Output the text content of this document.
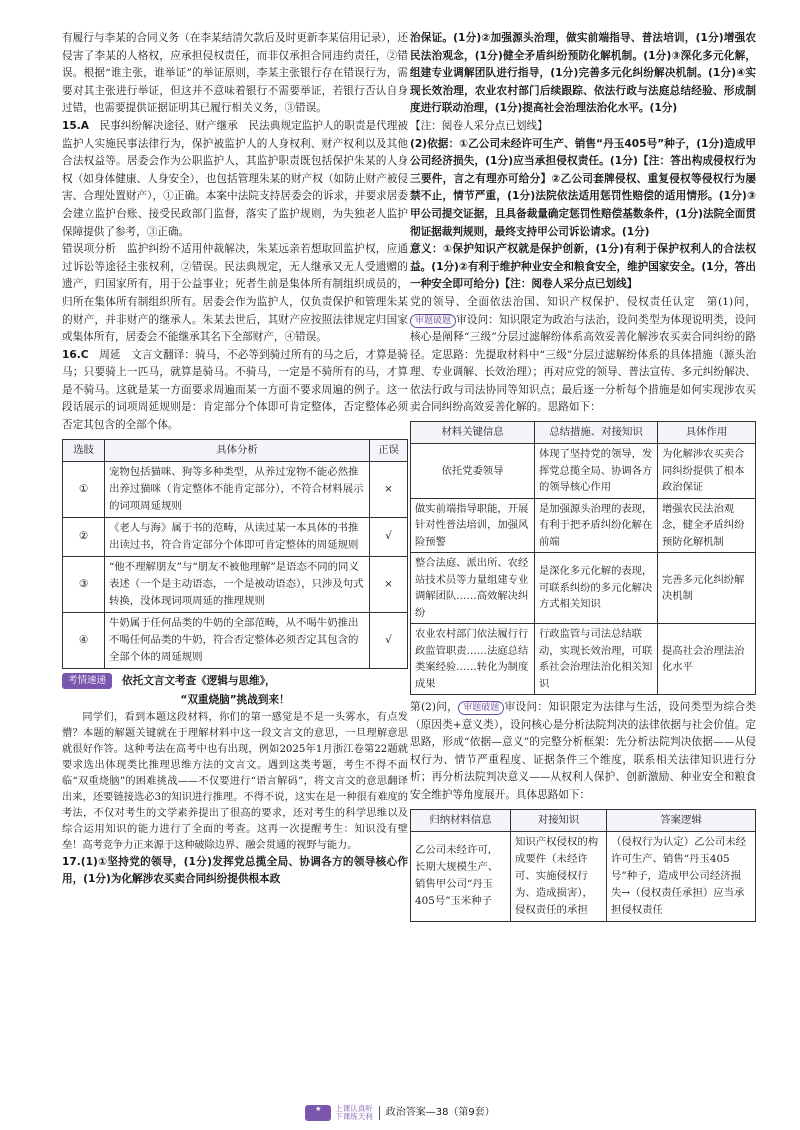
有履行与李某的合同义务（在李某结清欠款后及时更新李某信用记录），还侵害了李某的人格权，应承担侵权责任，而非仅承担合同违约责任，②错误。根据“谁主张，谁举证”的举证原则，李某主张银行存在错误行为，需要对其主张进行举证，但这并不意味着银行不需要举证，若银行否认自身过错，也需要提供证据证明其已履行相关义务，③错误。

15.A　 民事纠纷解决途径、财产继承　民法典规定监护人的职责是代理被监护人实施民事法律行为，保护被监护人的人身权利、财产权利以及其他合法权益等。居委会作为公职监护人，其监护职责既包括保护朱某的人身权（如身体健康、人身安全），也包括管理朱某的财产权（如防止财产被侵害、合理处置财产），①正确。本案中法院支持居委会的诉求，并要求居委会建立监护台账、接受民政部门监督，落实了监护规则，为失独老人监护保障提供了参考，③正确。

错误项分析　监护纠纷不适用仲裁解决，朱某远亲若想取回监护权，应通过诉讼等途径主张权利，②错误。民法典规定，无人继承又无人受遗赠的遗产，归国家所有，用于公益事业；死者生前是集体所有制组织成员的，归所在集体所有制组织所有。居委会作为监护人，仅负责保护和管理朱某的财产，并非财产的继承人。朱某去世后，其财产应按照法律规定归国家或集体所有，居委会不能继承其名下全部财产，④错误。

16.C　 周延　文言文翻译：骑马，不必等到骑过所有的马之后，才算是骑马；只要骑上一匹马，就算是骑马。不骑马，一定是不骑所有的马，才算是不骑马。这就是某一方面要求周遍而某一方面不要求周遍的例子。这一段话展示的词项周延规则是：肯定部分个体即可肯定整体，否定整体必须否定其包含的全部个体。

选肢	具体分析	正误
①	宠物包括猫咪、狗等多种类型，从养过宠物不能必然推出养过猫咪（肯定整体不能肯定部分），不符合材料展示的词项周延规则	×
②	《老人与海》属于书的范畴，从读过某一本具体的书推出读过书，符合肯定部分个体即可肯定整体的周延规则	√
③	“他不理解朋友”与“朋友不被他理解”是语态不同的同义表述（一个是主动语态，一个是被动语态），只涉及句式转换，没体现词项周延的推理规则	×
④	牛奶属于任何品类的牛奶的全部范畴，从不喝牛奶推出不喝任何品类的牛奶，符合否定整体必须否定其包含的全部个体的周延规则	√
考情速递	依托文言文考查《逻辑与思维》，
“双重烧脑”挑战到来！

同学们，看到本题这段材料，你们的第一感觉是不是一头雾水，有点发懵？本题的解题关键就在于理解材料中这一段文言文的意思，一旦理解意思就很好作答。这种考法在高考中也有出现，例如2025年1月浙江卷第22题就要求选出体现类比推理思维方法的文言文。遇到这类考题，考生不得不面临“双重烧脑”的困难挑战——不仅要进行“语言解码”，将文言文的意思翻译出来，还要链接选必3的知识进行推理。不得不说，这实在是一种很有难度的考法，不仅对考生的文学素养提出了很高的要求，还对考生的科学思维以及综合运用知识的能力进行了全面的考查。这再一次提醒考生：知识没有壁垒！高考竞争力正来源于这种破除边界、融会贯通的视野与能力。

17.(1)①坚持党的领导，(1分)发挥党总揽全局、协调各方的领导核心作用，(1分)为化解涉农买卖合同纠纷提供根本政

治保证。(1分)②加强源头治理，做实前端指导、普法培训，(1分)增强农民法治观念，(1分)健全矛盾纠纷预防化解机制。(1分)③深化多元化解，组建专业调解团队进行指导，(1分)完善多元化纠纷解决机制。(1分)④实现长效治理，农业农村部门后续跟踪、依法行政与法庭总结经验、形成制度进行联动治理，(1分)提高社会治理法治化水平。(1分)

【注：阅卷人采分点已划线】

(2)依据：①乙公司未经许可生产、销售“丹玉405号”种子，(1分)造成甲公司经济损失，(1分)应当承担侵权责任。(1分)【注：答出构成侵权行为三要件，言之有理亦可给分】②乙公司套牌侵权、重复侵权等侵权行为屡禁不止，情节严重，(1分)法院依法适用惩罚性赔偿的适用情形。(1分)③甲公司提交证据，且具备裁量确定惩罚性赔偿基数条件，(1分)法院全面贯彻证据裁判规则，最终支持甲公司诉讼请求。(1分)

意义：①保护知识产权就是保护创新，(1分)有利于保护权利人的合法权益。(1分)②有利于维护种业安全和粮食安全，维护国家安全。(1分，答出一种安全即可给分)【注：阅卷人采分点已划线】

党的领导、全面依法治国、知识产权保护、侵权责任认定　第(1)问，审题破题 审设问：知识限定为政治与法治，设问类型为体现说明类，设问核心是阐释“三级”分层过滤解纷体系高效妥善化解涉农买卖合同纠纷的路径。定思路：先提取材料中“三级”分层过滤解纷体系的具体措施（源头治理、专业调解、长效治理）；再对应党的领导、普法宣传、多元纠纷解决、依法行政与司法协同等知识点；最后逐一分析每个措施是如何实现涉农买卖合同纠纷高效妥善化解的。思路如下：

材料关键信息	总结措施、对接知识	具体作用
依托党委领导	体现了坚持党的领导，发挥党总揽全局、协调各方的领导核心作用	为化解涉农买卖合同纠纷提供了根本政治保证
做实前端指导职能，开展针对性普法培训，加强风险预警	是加强源头治理的表现，有利于把矛盾纠纷化解在前端	增强农民法治观念，健全矛盾纠纷预防化解机制
整合法庭、派出所、农经站技术员等力量组建专业调解团队……高效解决纠纷	是深化多元化解的表现，可联系纠纷的多元化解决方式相关知识	完善多元化纠纷解决机制
农业农村部门依法履行行政监管职责……法庭总结类案经验……转化为制度成果	行政监管与司法总结联动，实现长效治理，可联系社会治理法治化相关知识	提高社会治理法治化水平

第(2)问， 审题破题 审设问：知识限定为法律与生活，设问类型为综合类（原因类+意义类），设问核心是分析法院判决的法律依据与社会价值。定思路，形成“依据—意义”的完整分析框架：先分析法院判决依据——从侵权行为、情节严重程度、证据条件三个维度，联系相关法律知识进行分析；再分析法院判决意义——从权利人保护、创新激励、种业安全和粮食安全维护等角度展开。具体思路如下：

归纳材料信息	对接知识	答案逻辑
乙公司未经许可，长期大规模生产、销售甲公司“丹玉405号”玉米种子	知识产权侵权的构成要件（未经许可、实施侵权行为、造成损害），侵权责任的承担	（侵权行为认定）乙公司未经许可生产、销售“丹玉405号”种子，造成甲公司经济损失→（侵权责任承担）应当承担侵权责任
★	上课认真听
下课练天利 政治答案—38（第9套）
